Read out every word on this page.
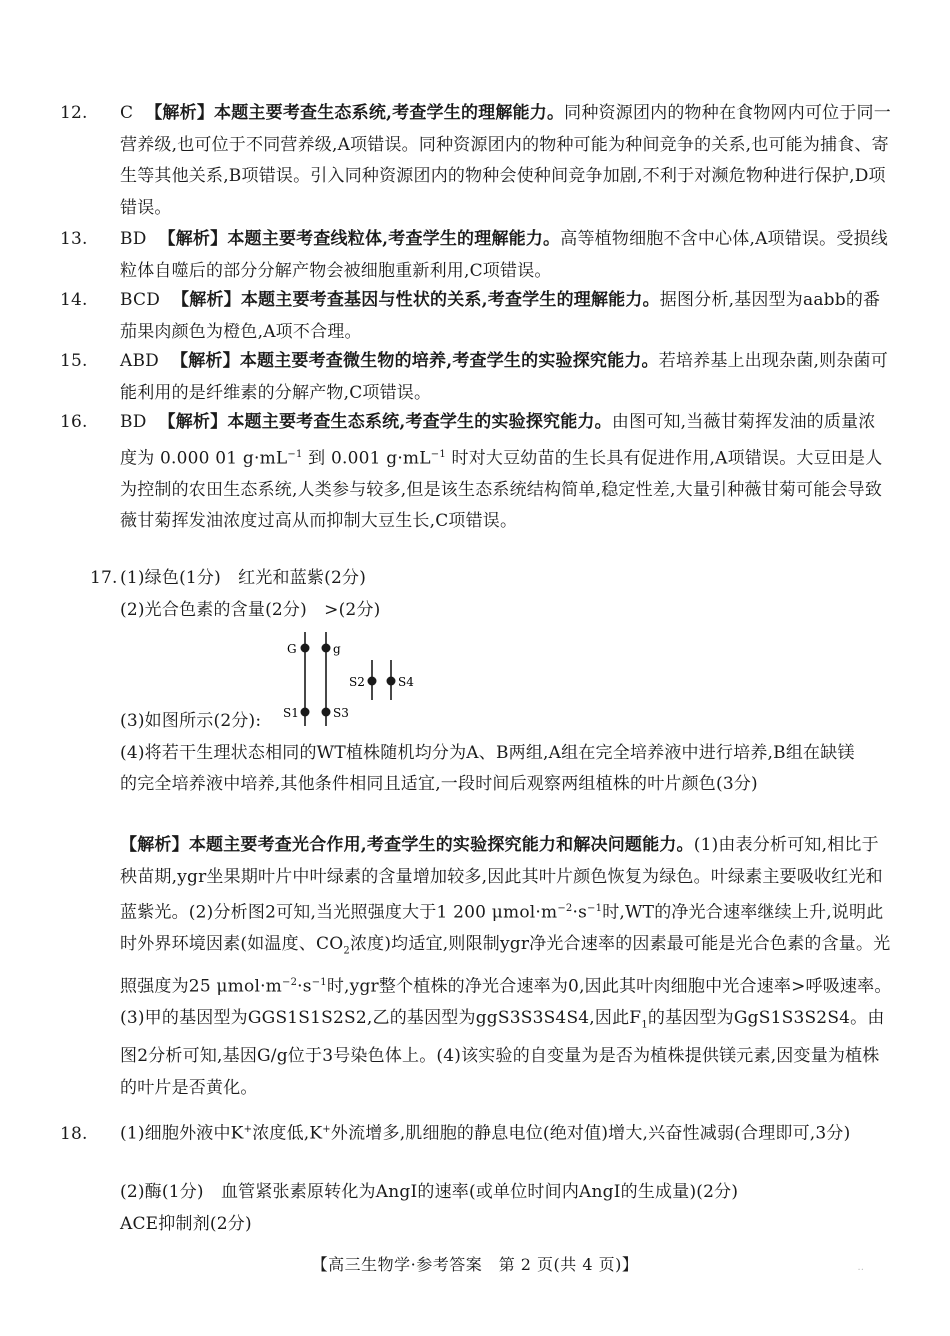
12. C 【解析】本题主要考查生态系统,考查学生的理解能力。同种资源团内的物种在食物网内可位于同一营养级,也可位于不同营养级,A项错误。同种资源团内的物种可能为种间竞争的关系,也可能为捕食、寄生等其他关系,B项错误。引入同种资源团内的物种会使种间竞争加剧,不利于对濒危物种进行保护,D项错误。
13. BD 【解析】本题主要考查线粒体,考查学生的理解能力。高等植物细胞不含中心体,A项错误。受损线粒体自噬后的部分分解产物会被细胞重新利用,C项错误。
14. BCD 【解析】本题主要考查基因与性状的关系,考查学生的理解能力。据图分析,基因型为aabb的番茄果肉颜色为橙色,A项不合理。
15. ABD 【解析】本题主要考查微生物的培养,考查学生的实验探究能力。若培养基上出现杂菌,则杂菌可能利用的是纤维素的分解产物,C项错误。
16. BD 【解析】本题主要考查生态系统,考查学生的实验探究能力。由图可知,当薇甘菊挥发油的质量浓度为 0.000 01 $g\cdot mL^{-1}$ 到 0.001 $g\cdot mL^{-1}$ 时对大豆幼苗的生长具有促进作用,A项错误。大豆田是人为控制的农田生态系统,人类参与较多,但是该生态系统结构简单,稳定性差,大量引种薇甘菊可能会导致薇甘菊挥发油浓度过高从而抑制大豆生长,C项错误。
17. (1)绿色(1分)　红光和蓝紫(2分)
(2)光合色素的含量(2分)　>(2分)
G	g
S1	S3
S2	S4
(3)如图所示(2分):
(4)将若干生理状态相同的WT植株随机均分为A、B两组,A组在完全培养液中进行培养,B组在缺镁的完全培养液中培养,其他条件相同且适宜,一段时间后观察两组植株的叶片颜色(3分)
【解析】本题主要考查光合作用,考查学生的实验探究能力和解决问题能力。(1)由表分析可知,相比于秧苗期,ygr坐果期叶片中叶绿素的含量增加较多,因此其叶片颜色恢复为绿色。叶绿素主要吸收红光和蓝紫光。(2)分析图2可知,当光照强度大于1 200 $\mu mol\cdot m^{-2}\cdot s^{-1}$时,WT的净光合速率继续上升,说明此时外界环境因素(如温度、$CO_2$浓度)均适宜,则限制ygr净光合速率的因素最可能是光合色素的含量。光照强度为25 $\mu mol\cdot m^{-2}\cdot s^{-1}$时,ygr整个植株的净光合速率为0,因此其叶肉细胞中光合速率>呼吸速率。(3)甲的基因型为GGS1S1S2S2,乙的基因型为ggS3S3S4S4,因此$F_1$的基因型为GgS1S3S2S4。由图2分析可知,基因G/g位于3号染色体上。(4)该实验的自变量为是否为植株提供镁元素,因变量为植株的叶片是否黄化。
18. (1)细胞外液中K+浓度低,K+外流增多,肌细胞的静息电位(绝对值)增大,兴奋性减弱(合理即可,3分)
(2)酶(1分)　血管紧张素原转化为AngⅠ的速率(或单位时间内AngⅠ的生成量)(2分)
ACE抑制剂(2分)
【高三生物学·参考答案　第 2 页(共 4 页)】	‥
